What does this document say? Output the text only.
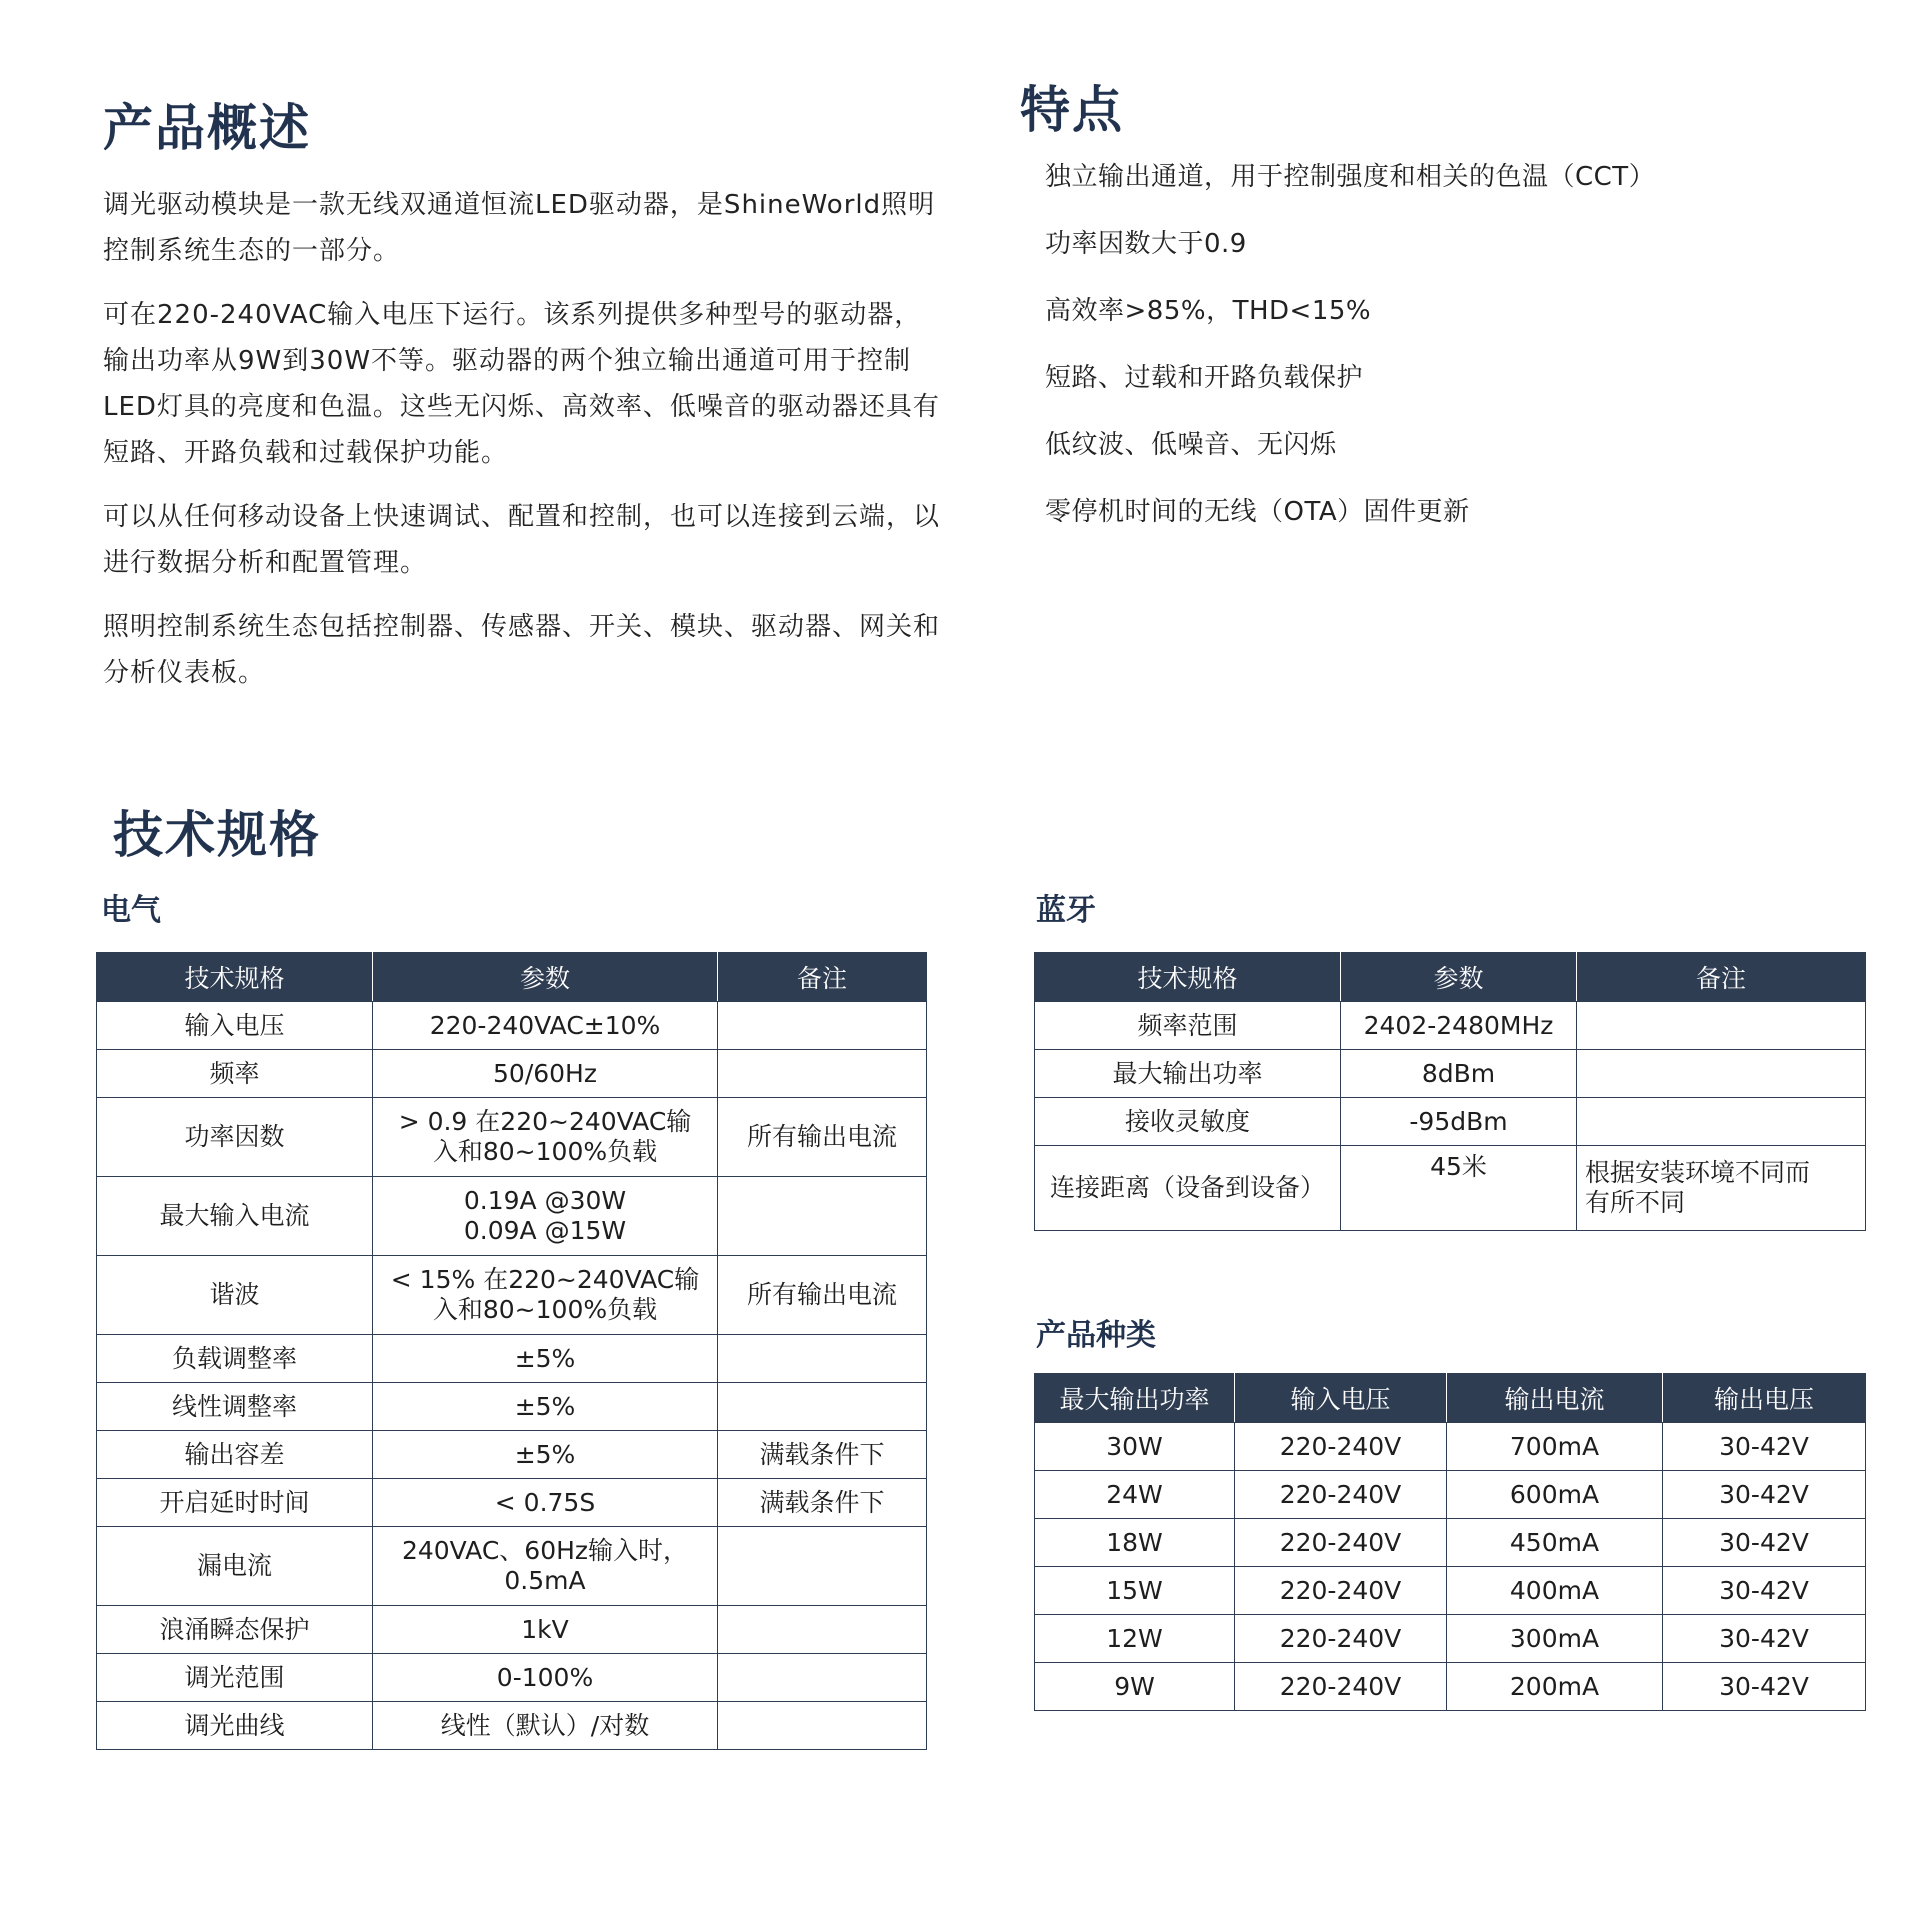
产品概述

调光驱动模块是一款无线双通道恒流LED驱动器，是ShineWorld照明控制系统生态的一部分。

可在220-240VAC输入电压下运行。该系列提供多种型号的驱动器，输出功率从9W到30W不等。驱动器的两个独立输出通道可用于控制LED灯具的亮度和色温。这些无闪烁、高效率、低噪音的驱动器还具有短路、开路负载和过载保护功能。

可以从任何移动设备上快速调试、配置和控制，也可以连接到云端，以进行数据分析和配置管理。

照明控制系统生态包括控制器、传感器、开关、模块、驱动器、网关和分析仪表板。

特点
独立输出通道，用于控制强度和相关的色温（CCT）
功率因数大于0.9
高效率>85%，THD<15%
短路、过载和开路负载保护
低纹波、低噪音、无闪烁
零停机时间的无线（OTA）固件更新
技术规格
电气	蓝牙
产品种类
技术规格	参数	备注
输入电压	220-240VAC±10%	
频率	50/60Hz	
功率因数	> 0.9 在220~240VAC输
入和80~100%负载	所有输出电流
最大输入电流	0.19A @30W
0.09A @15W	
谐波	< 15% 在220~240VAC输
入和80~100%负载	所有输出电流
负载调整率	±5%	
线性调整率	±5%	
输出容差	±5%	满载条件下
开启延时时间	< 0.75S	满载条件下
漏电流	240VAC、60Hz输入时，
0.5mA	
浪涌瞬态保护	1kV	
调光范围	0-100%	
调光曲线	线性（默认）/对数	
技术规格	参数	备注
频率范围	2402-2480MHz	
最大输出功率	8dBm	
接收灵敏度	-95dBm	
连接距离（设备到设备）	45米	根据安装环境不同而
有所不同
最大输出功率	输入电压	输出电流	输出电压
30W	220-240V	700mA	30-42V
24W	220-240V	600mA	30-42V
18W	220-240V	450mA	30-42V
15W	220-240V	400mA	30-42V
12W	220-240V	300mA	30-42V
9W	220-240V	200mA	30-42V
